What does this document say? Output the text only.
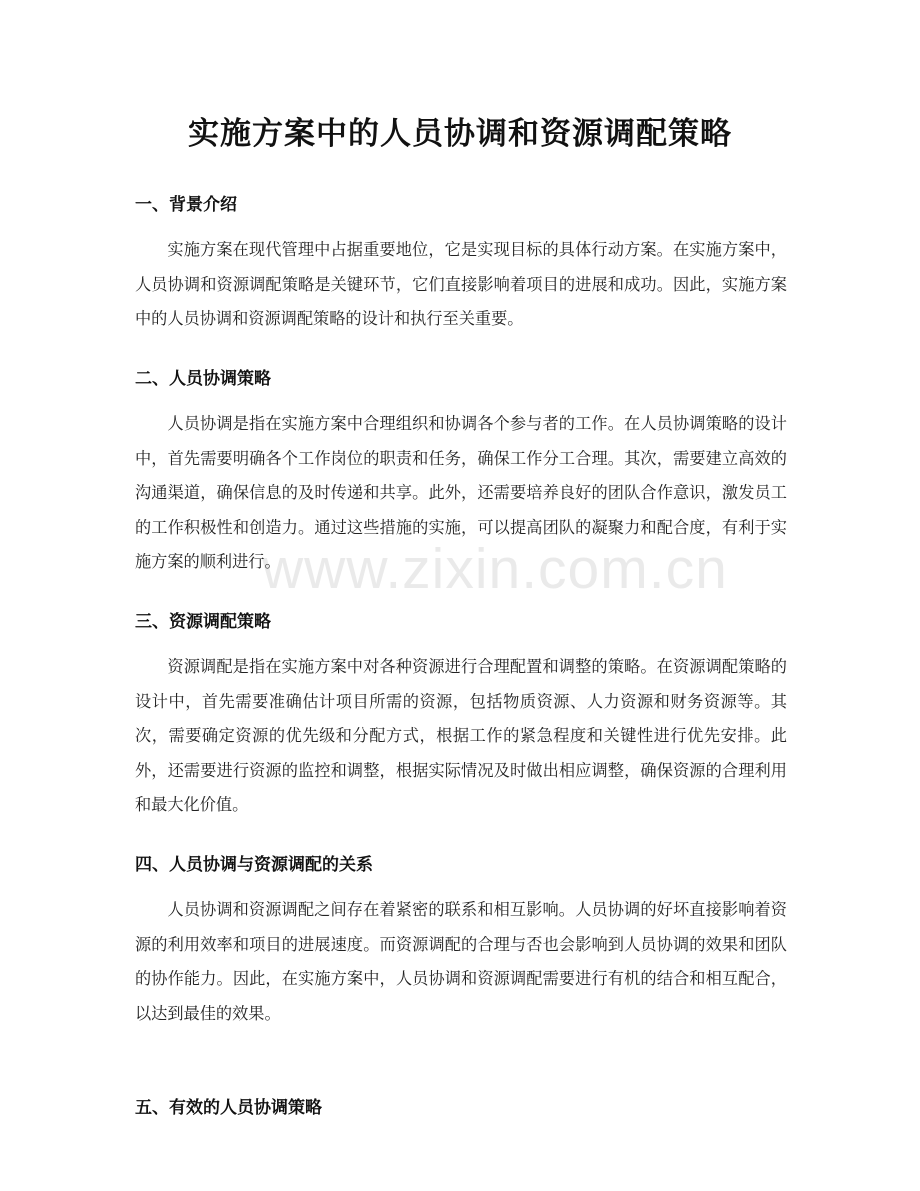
www.zixin.com.cn
实施方案中的人员协调和资源调配策略
一、背景介绍

实施方案在现代管理中占据重要地位，它是实现目标的具体行动方案。在实施方案中，人员协调和资源调配策略是关键环节，它们直接影响着项目的进展和成功。因此，实施方案中的人员协调和资源调配策略的设计和执行至关重要。

二、人员协调策略

人员协调是指在实施方案中合理组织和协调各个参与者的工作。在人员协调策略的设计中，首先需要明确各个工作岗位的职责和任务，确保工作分工合理。其次，需要建立高效的沟通渠道，确保信息的及时传递和共享。此外，还需要培养良好的团队合作意识，激发员工的工作积极性和创造力。通过这些措施的实施，可以提高团队的凝聚力和配合度，有利于实施方案的顺利进行。

三、资源调配策略

资源调配是指在实施方案中对各种资源进行合理配置和调整的策略。在资源调配策略的设计中，首先需要准确估计项目所需的资源，包括物质资源、人力资源和财务资源等。其次，需要确定资源的优先级和分配方式，根据工作的紧急程度和关键性进行优先安排。此外，还需要进行资源的监控和调整，根据实际情况及时做出相应调整，确保资源的合理利用和最大化价值。

四、人员协调与资源调配的关系

人员协调和资源调配之间存在着紧密的联系和相互影响。人员协调的好坏直接影响着资源的利用效率和项目的进展速度。而资源调配的合理与否也会影响到人员协调的效果和团队的协作能力。因此，在实施方案中，人员协调和资源调配需要进行有机的结合和相互配合，以达到最佳的效果。

五、有效的人员协调策略
